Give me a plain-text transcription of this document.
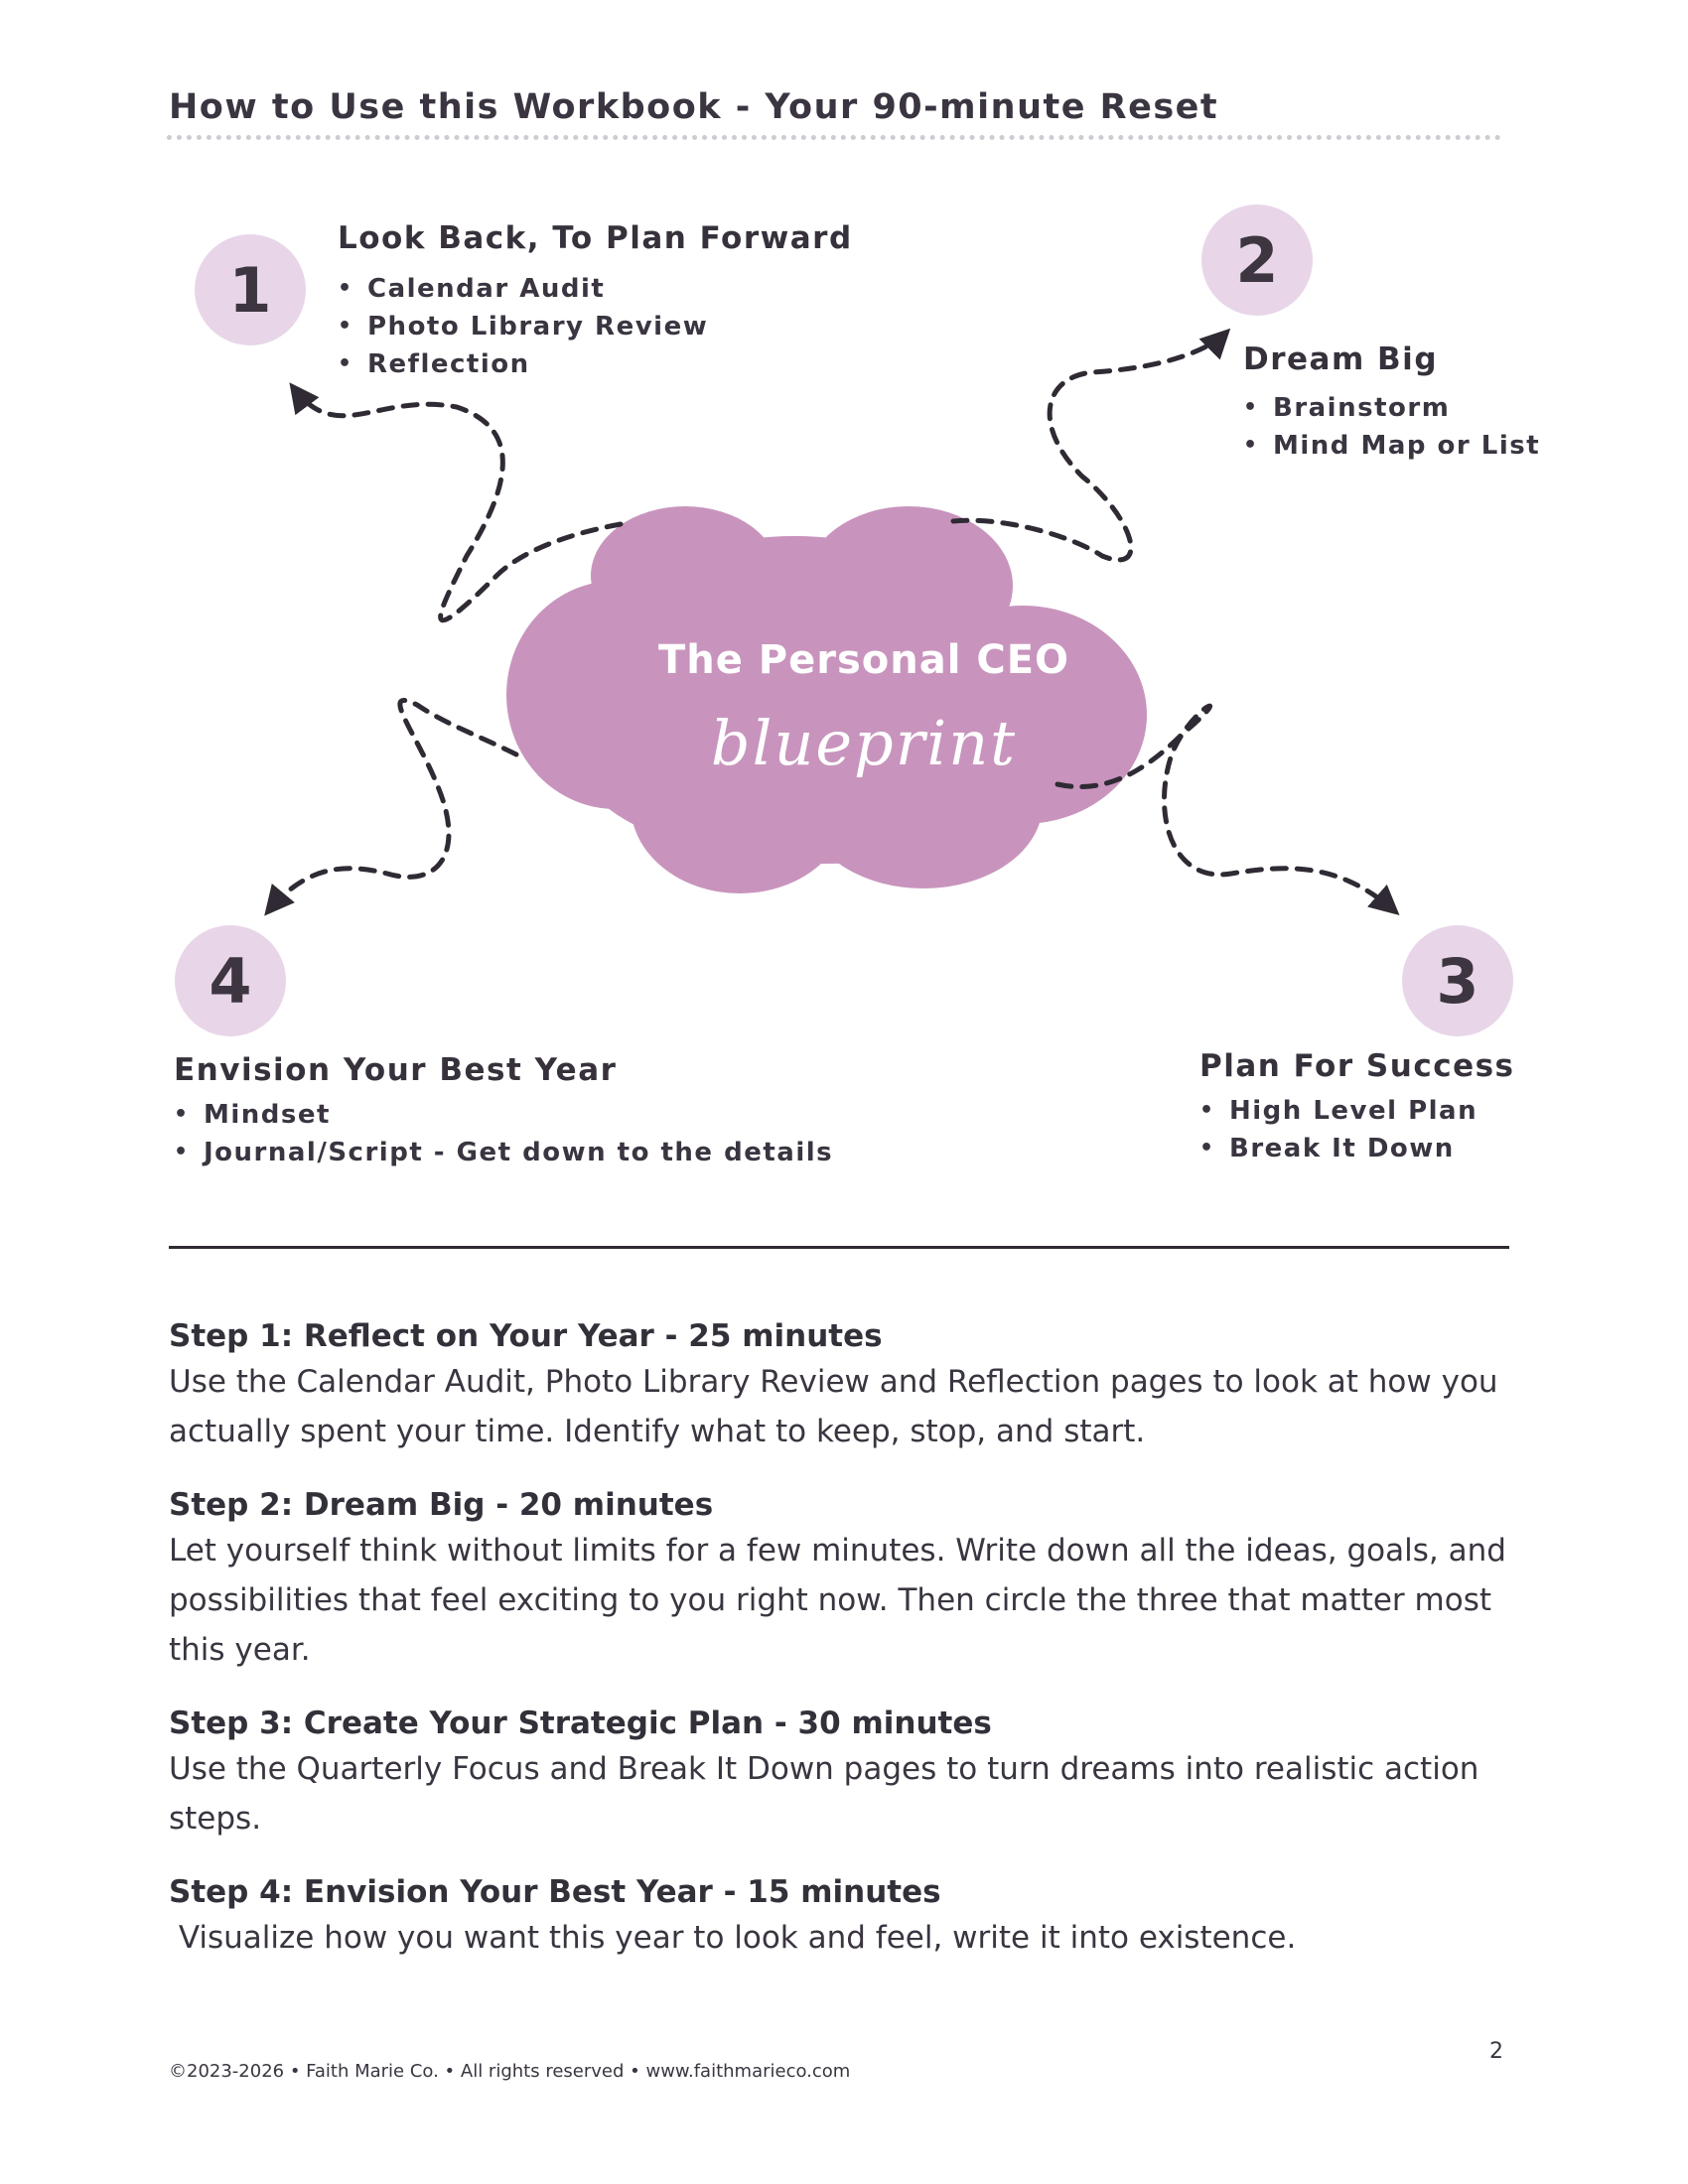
How to Use this Workbook - Your 90-minute Reset
The Personal CEO
blueprint
1
Look Back, To Plan Forward
• Calendar Audit
• Photo Library Review
• Reflection
2
Dream Big
• Brainstorm
• Mind Map or List
3
Plan For Success
• High Level Plan
• Break It Down
4
Envision Your Best Year
• Mindset
• Journal/Script - Get down to the details
Step 1: Reflect on Your Year - 25 minutes

Use the Calendar Audit, Photo Library Review and Reflection pages to look at how you actually spent your time. Identify what to keep, stop, and start.

Step 2: Dream Big - 20 minutes

Let yourself think without limits for a few minutes. Write down all the ideas, goals, and possibilities that feel exciting to you right now. Then circle the three that matter most this year.

Step 3: Create Your Strategic Plan - 30 minutes

Use the Quarterly Focus and Break It Down pages to turn dreams into realistic action steps.

Step 4: Envision Your Best Year - 15 minutes

Visualize how you want this year to look and feel, write it into existence.

©2023-2026 • Faith Marie Co. • All rights reserved • www.faithmarieco.com
2
